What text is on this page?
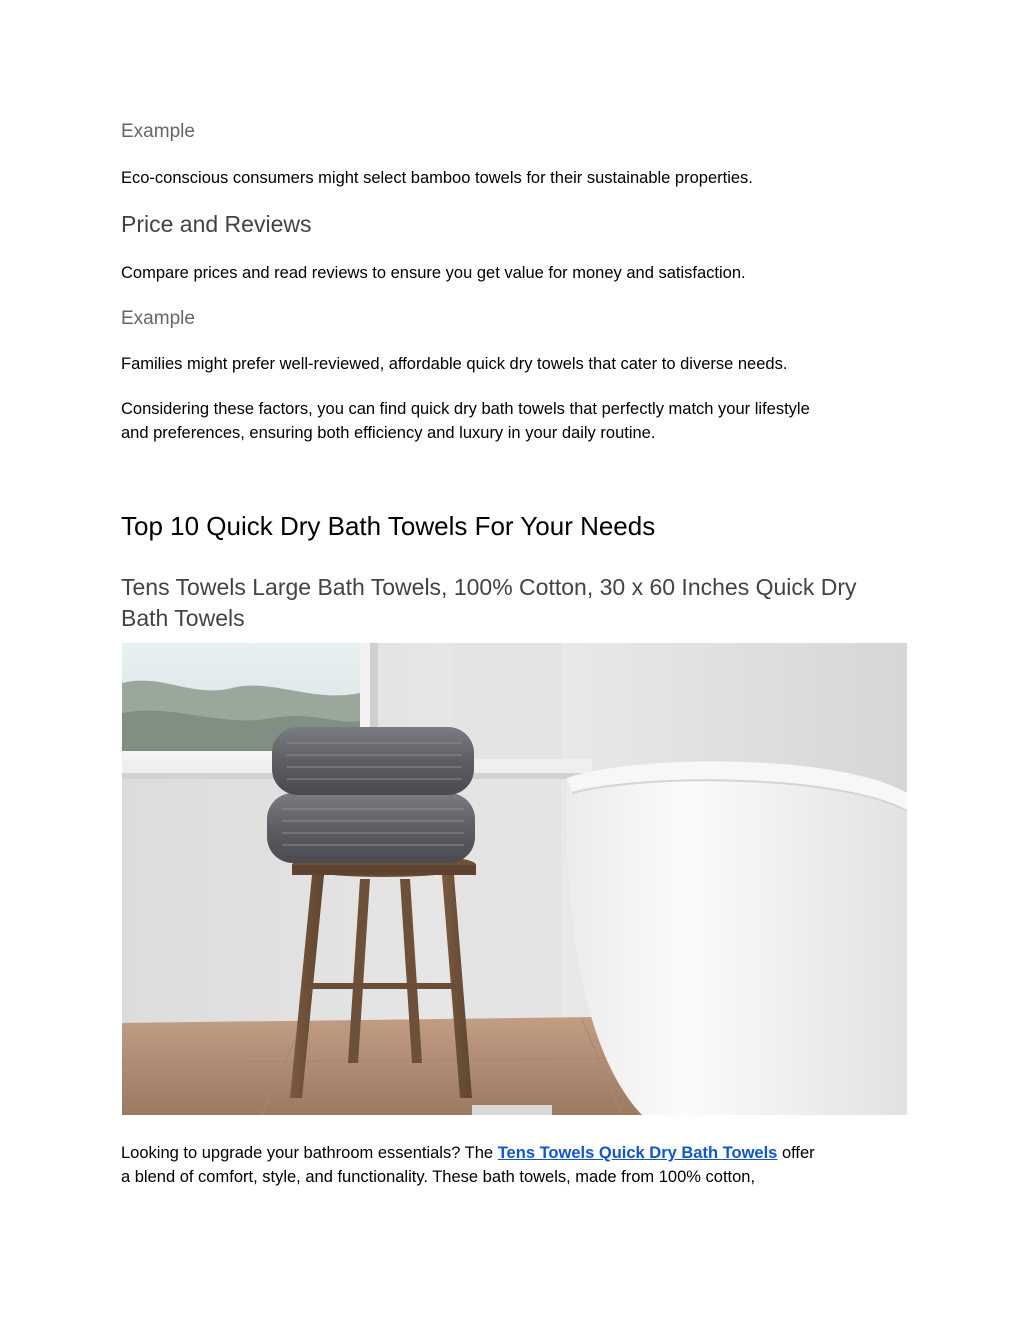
Example

Eco-conscious consumers might select bamboo towels for their sustainable properties.

Price and Reviews

Compare prices and read reviews to ensure you get value for money and satisfaction.

Example

Families might prefer well-reviewed, affordable quick dry towels that cater to diverse needs.

Considering these factors, you can find quick dry bath towels that perfectly match your lifestyle
and preferences, ensuring both efficiency and luxury in your daily routine.

Top 10 Quick Dry Bath Towels For Your Needs
Tens Towels Large Bath Towels, 100% Cotton, 30 x 60 Inches Quick Dry
Bath Towels

Looking to upgrade your bathroom essentials? The Tens Towels Quick Dry Bath Towels offer
a blend of comfort, style, and functionality. These bath towels, made from 100% cotton,
